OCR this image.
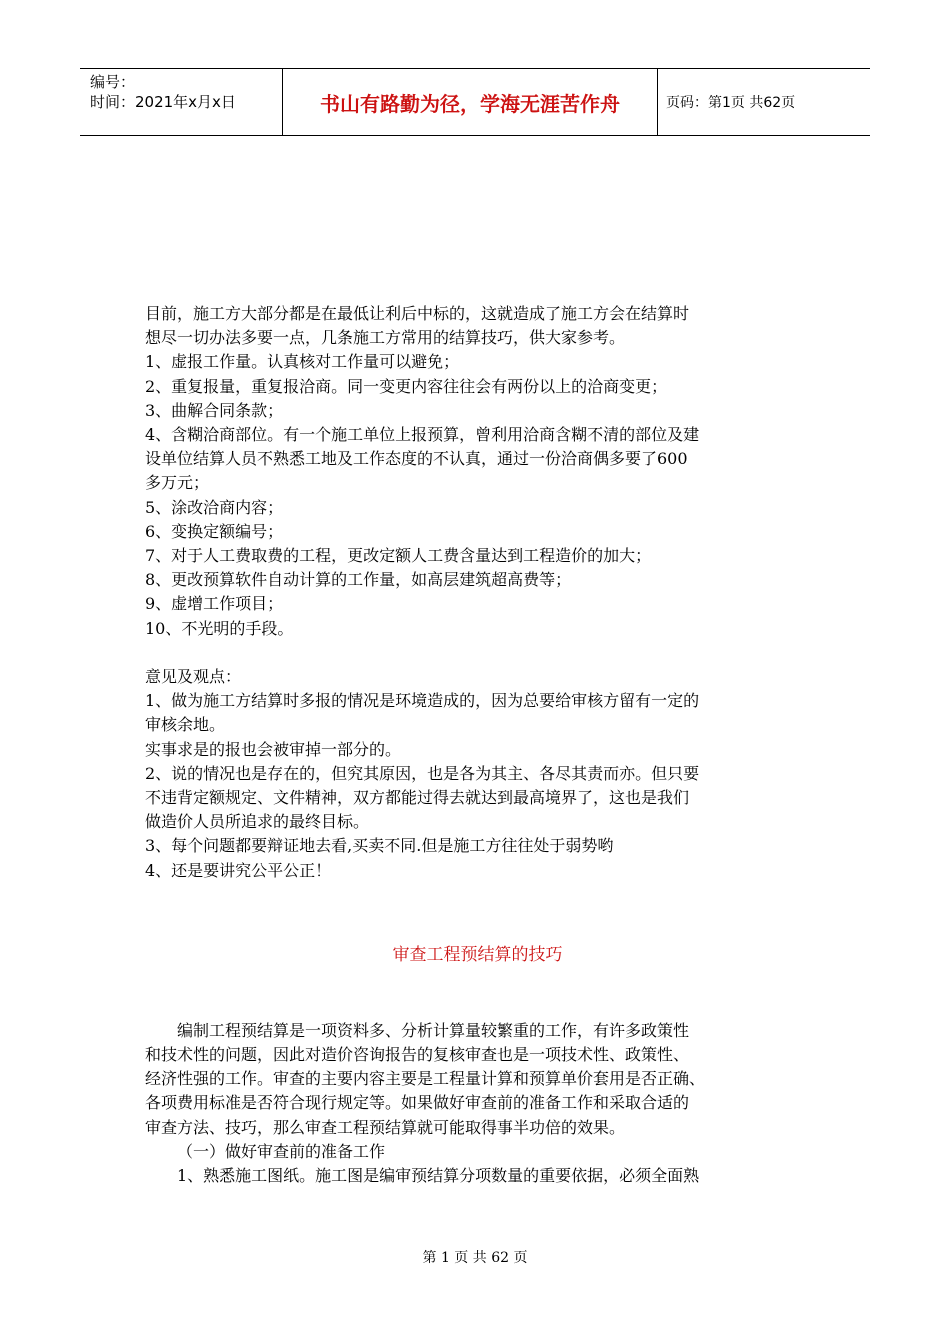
编号：
时间：2021年x月x日	书山有路勤为径，学海无涯苦作舟	页码：第1页 共62页

目前，施工方大部分都是在最低让利后中标的，这就造成了施工方会在结算时

想尽一切办法多要一点，几条施工方常用的结算技巧，供大家参考。

1、虚报工作量。认真核对工作量可以避免；

2、重复报量，重复报洽商。同一变更内容往往会有两份以上的洽商变更；

3、曲解合同条款；

4、含糊洽商部位。有一个施工单位上报预算，曾利用洽商含糊不清的部位及建

设单位结算人员不熟悉工地及工作态度的不认真，通过一份洽商偶多要了600

多万元；

5、涂改洽商内容；

6、变换定额编号；

7、对于人工费取费的工程，更改定额人工费含量达到工程造价的加大；

8、更改预算软件自动计算的工作量，如高层建筑超高费等；

9、虚增工作项目；

10、不光明的手段。

意见及观点：

1、做为施工方结算时多报的情况是环境造成的，因为总要给审核方留有一定的

审核余地。

实事求是的报也会被审掉一部分的。

2、说的情况也是存在的，但究其原因，也是各为其主、各尽其责而亦。但只要

不违背定额规定、文件精神，双方都能过得去就达到最高境界了，这也是我们

做造价人员所追求的最终目标。

3、每个问题都要辩证地去看,买卖不同.但是施工方往往处于弱势哟

4、还是要讲究公平公正！

审查工程预结算的技巧

编制工程预结算是一项资料多、分析计算量较繁重的工作，有许多政策性

和技术性的问题，因此对造价咨询报告的复核审查也是一项技术性、政策性、

经济性强的工作。审查的主要内容主要是工程量计算和预算单价套用是否正确、

各项费用标准是否符合现行规定等。如果做好审查前的准备工作和采取合适的

审查方法、技巧，那么审查工程预结算就可能取得事半功倍的效果。

（一）做好审查前的准备工作

1、熟悉施工图纸。施工图是编审预结算分项数量的重要依据，必须全面熟

第 1 页 共 62 页
